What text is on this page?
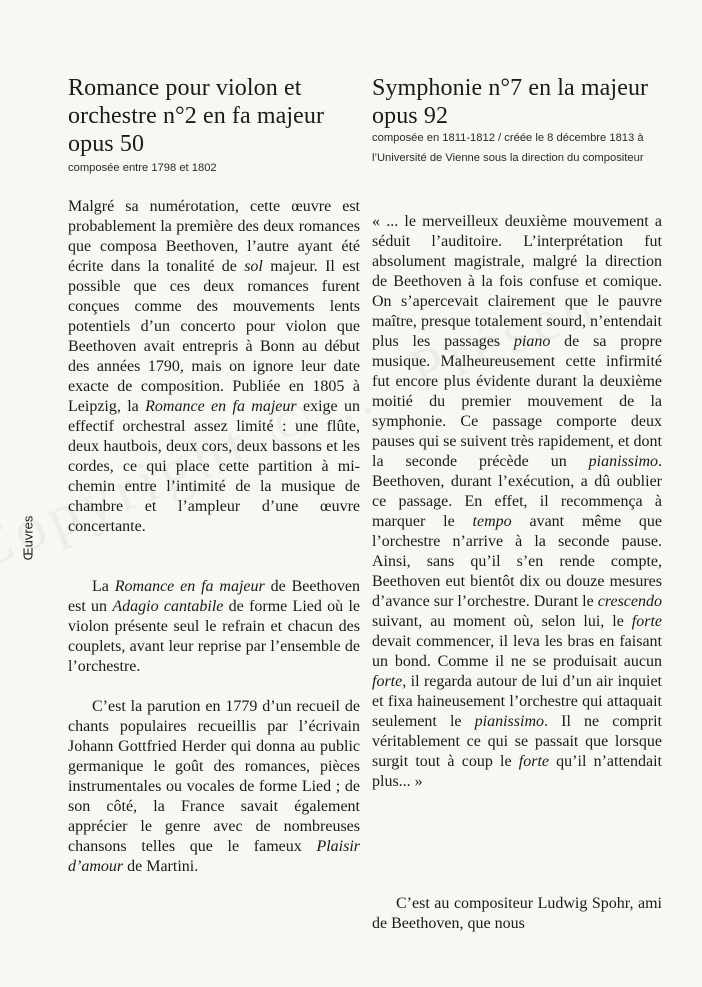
Œuvres
Romance pour violon et orchestre n°2 en fa majeur opus 50
composée entre 1798 et 1802

Malgré sa numérotation, cette œuvre est probablement la première des deux romances que composa Beethoven, l’autre ayant été écrite dans la tonalité de sol majeur. Il est possible que ces deux romances furent conçues comme des mouvements lents potentiels d’un concerto pour violon que Beethoven avait entrepris à Bonn au début des années 1790, mais on ignore leur date exacte de composition. Publiée en 1805 à Leipzig, la Romance en fa majeur exige un effectif orchestral assez limité : une flûte, deux hautbois, deux cors, deux bassons et les cordes, ce qui place cette partition à mi-chemin entre l’intimité de la musique de chambre et l’ampleur d’une œuvre concertante.

La Romance en fa majeur de Beethoven est un Adagio cantabile de forme Lied où le violon présente seul le refrain et chacun des couplets, avant leur reprise par l’ensemble de l’orchestre.

C’est la parution en 1779 d’un recueil de chants populaires recueillis par l’écrivain Johann Gottfried Herder qui donna au public germanique le goût des romances, pièces instrumentales ou vocales de forme Lied ; de son côté, la France savait également apprécier le genre avec de nombreuses chansons telles que le fameux Plaisir d’amour de Martini.

Symphonie n°7 en la majeur opus 92
composée en 1811-1812 / créée le 8 décembre 1813 à l’Université de Vienne sous la direction du compositeur

« ... le merveilleux deuxième mouvement a séduit l’auditoire. L’interprétation fut absolument magistrale, malgré la direction de Beethoven à la fois confuse et comique. On s’apercevait clairement que le pauvre maître, presque totalement sourd, n’entendait plus les passages piano de sa propre musique. Malheureusement cette infirmité fut encore plus évidente durant la deuxième moitié du premier mouvement de la symphonie. Ce passage comporte deux pauses qui se suivent très rapidement, et dont la seconde précède un pianissimo. Beethoven, durant l’exécution, a dû oublier ce passage. En effet, il recommença à marquer le tempo avant même que l’orchestre n’arrive à la seconde pause. Ainsi, sans qu’il s’en rende compte, Beethoven eut bientôt dix ou douze mesures d’avance sur l’orchestre. Durant le crescendo suivant, au moment où, selon lui, le forte devait commencer, il leva les bras en faisant un bond. Comme il ne se produisait aucun forte, il regarda autour de lui d’un air inquiet et fixa haineusement l’orchestre qui attaquait seulement le pianissimo. Il ne comprit véritablement ce qui se passait que lorsque surgit tout à coup le forte qu’il n’attendait plus... »

C’est au compositeur Ludwig Spohr, ami de Beethoven, que nous
